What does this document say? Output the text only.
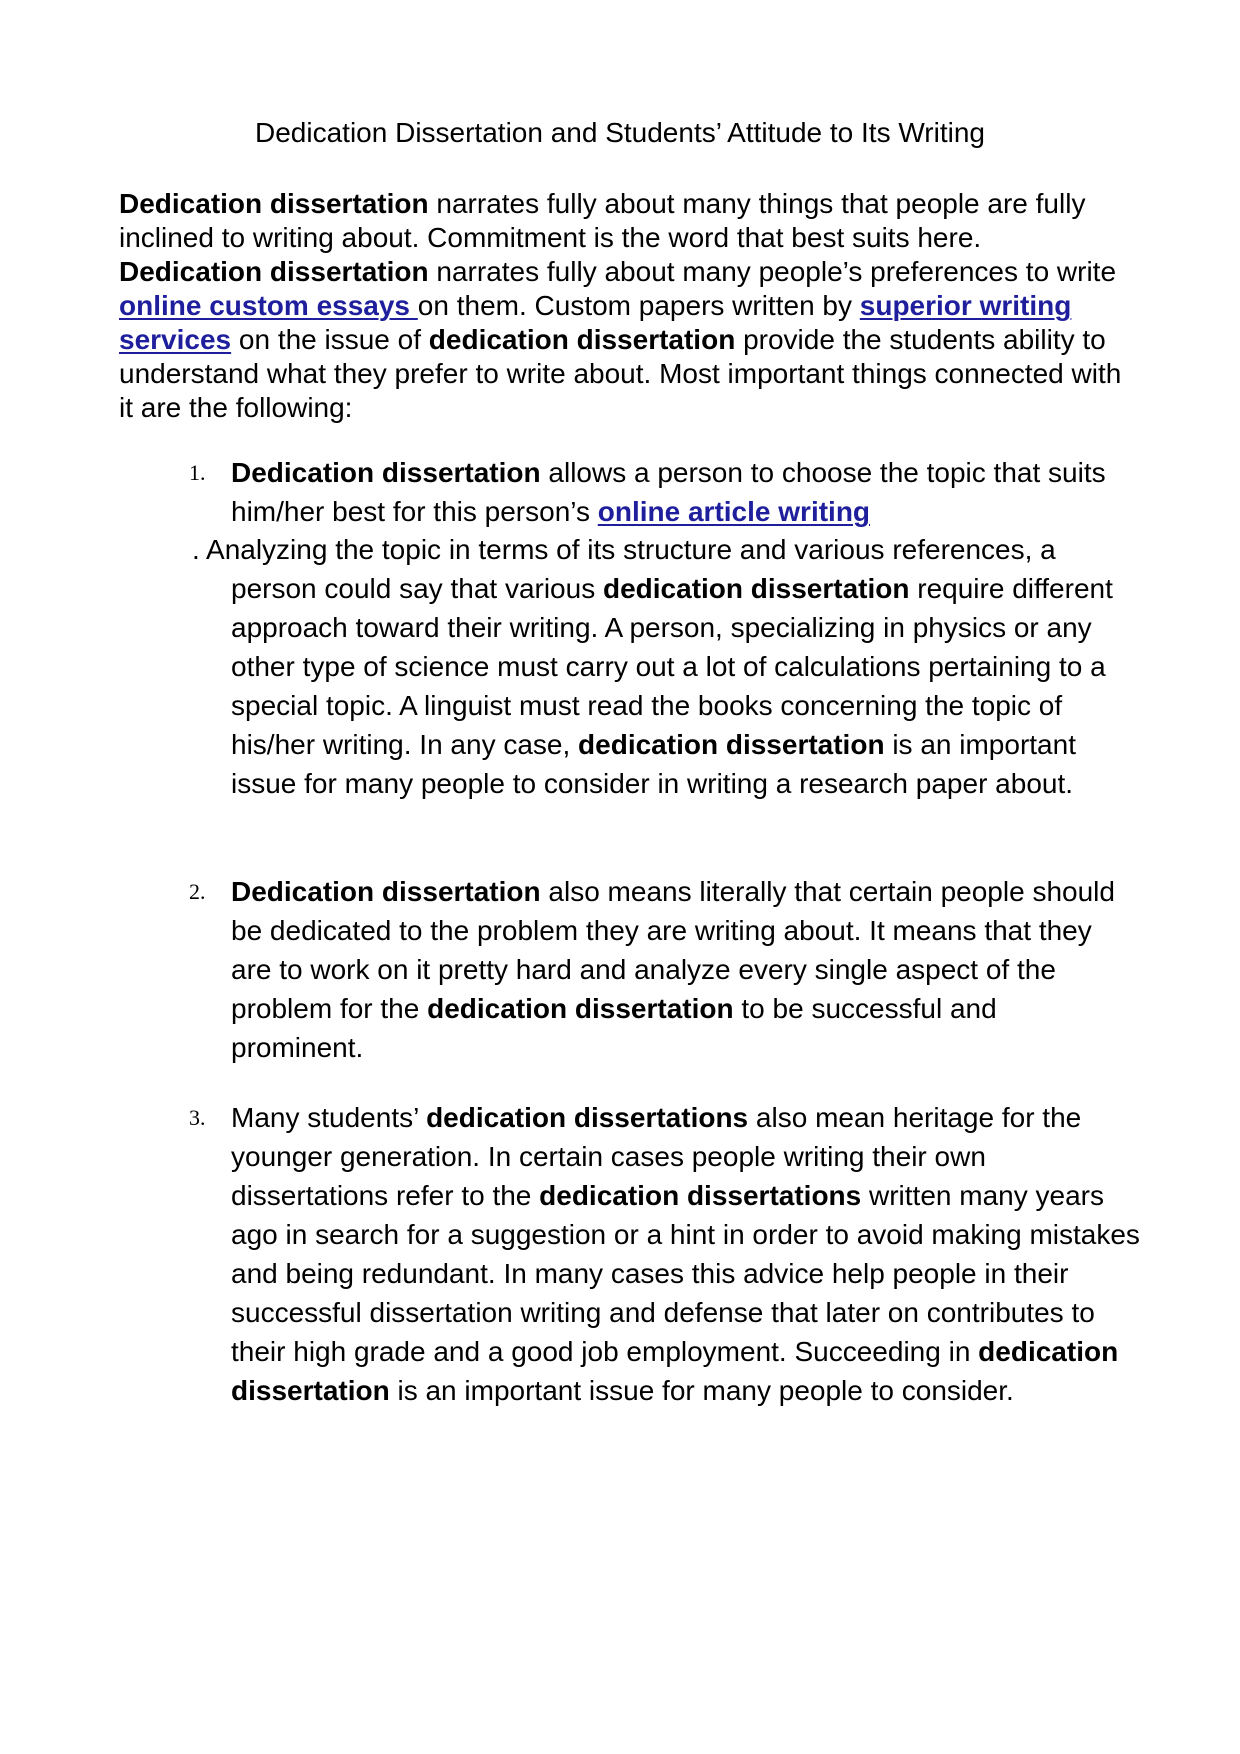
Dedication Dissertation and Students’ Attitude to Its Writing

Dedication dissertation narrates fully about many things that people are fully inclined to writing about. Commitment is the word that best suits here. Dedication dissertation narrates fully about many people’s preferences to write online custom essays on them. Custom papers written by superior writing services on the issue of dedication dissertation provide the students ability to understand what they prefer to write about. Most important things connected with it are the following:

1. Dedication dissertation allows a person to choose the topic that suits him/her best for this person’s online article writing

. Analyzing the topic in terms of its structure and various references, a
person could say that various dedication dissertation require different approach toward their writing. A person, specializing in physics or any other type of science must carry out a lot of calculations pertaining to a special topic. A linguist must read the books concerning the topic of his/her writing. In any case, dedication dissertation is an important issue for many people to consider in writing a research paper about.

2. Dedication dissertation also means literally that certain people should be dedicated to the problem they are writing about. It means that they are to work on it pretty hard and analyze every single aspect of the problem for the dedication dissertation to be successful and prominent.

3. Many students’ dedication dissertations also mean heritage for the younger generation. In certain cases people writing their own dissertations refer to the dedication dissertations written many years ago in search for a suggestion or a hint in order to avoid making mistakes and being redundant. In many cases this advice help people in their successful dissertation writing and defense that later on contributes to their high grade and a good job employment. Succeeding in dedication dissertation is an important issue for many people to consider.
